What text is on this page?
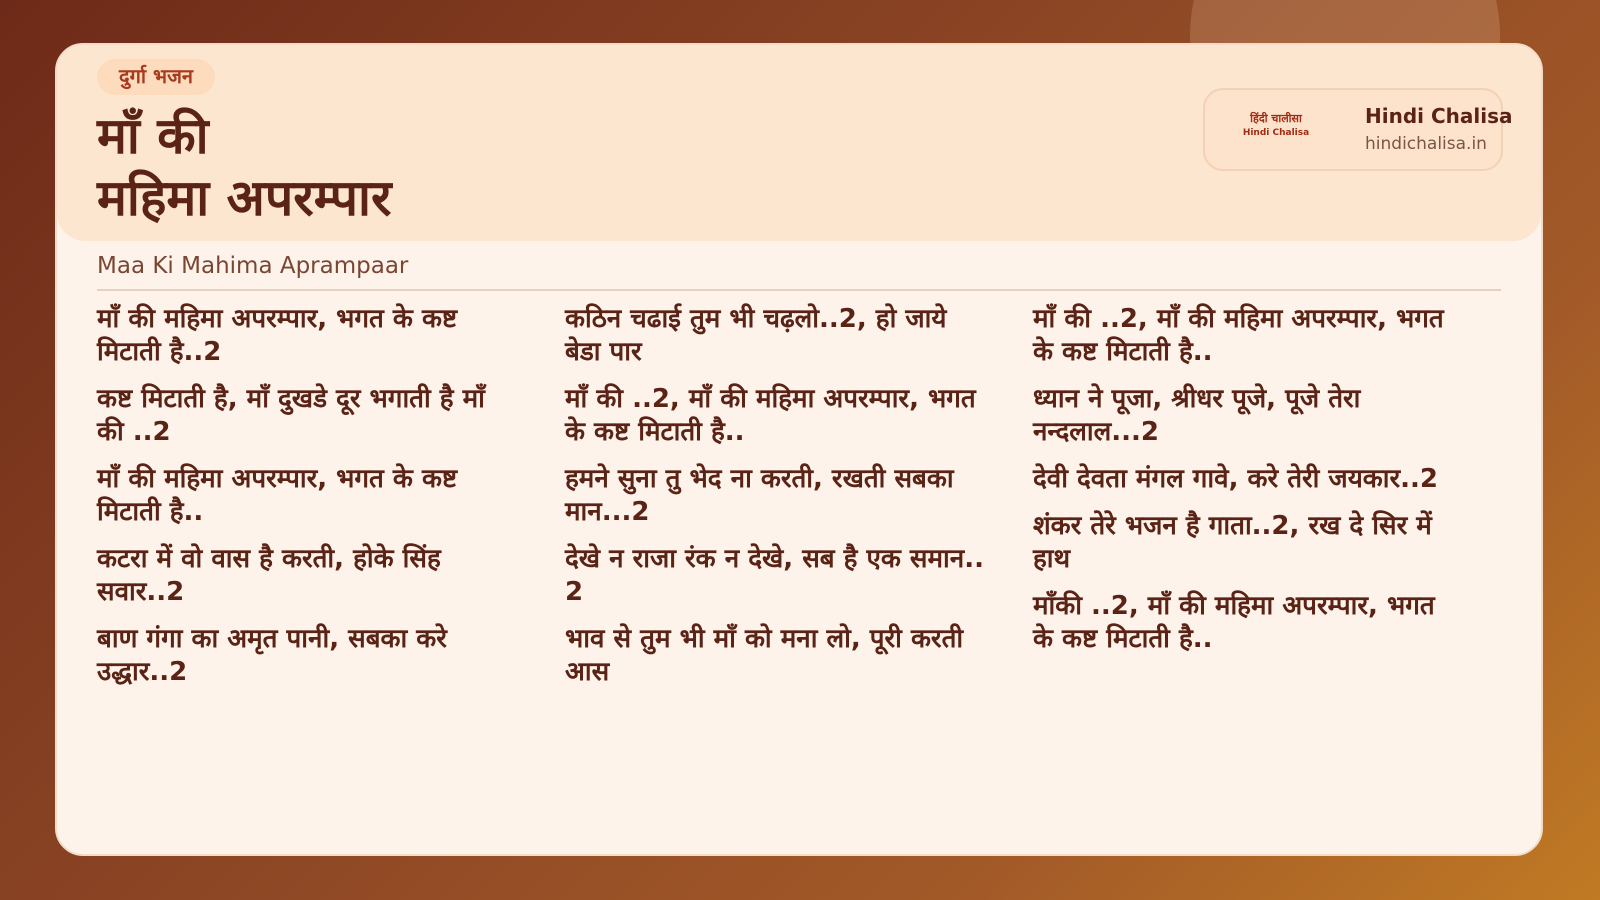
दुर्गा भजन
माँ की
महिमा अपरम्पार
हिंदी चालीसा
Hindi Chalisa
Hindi Chalisa
hindichalisa.in
Maa Ki Mahima Aprampaar

माँ की महिमा अपरम्पार, भगत के कष्ट मिटाती है..2

कष्ट मिटाती है, माँ दुखडे दूर भगाती है माँ की ..2

माँ की महिमा अपरम्पार, भगत के कष्ट मिटाती है..

कटरा में वो वास है करती, होके सिंह सवार..2

बाण गंगा का अमृत पानी, सबका करे उद्धार..2

कठिन चढाई तुम भी चढ़लो..2, हो जाये बेडा पार

माँ की ..2, माँ की महिमा अपरम्पार, भगत के कष्ट मिटाती है..

हमने सुना तु भेद ना करती, रखती सबका मान...2

देखे न राजा रंक न देखे, सब है एक समान.. 2

भाव से तुम भी माँ को मना लो, पूरी करती आस

माँ की ..2, माँ की महिमा अपरम्पार, भगत के कष्ट मिटाती है..

ध्यान ने पूजा, श्रीधर पूजे, पूजे तेरा नन्दलाल...2

देवी देवता मंगल गावे, करे तेरी जयकार..2

शंकर तेरे भजन है गाता..2, रख दे सिर में हाथ

माँकी ..2, माँ की महिमा अपरम्पार, भगत के कष्ट मिटाती है..
